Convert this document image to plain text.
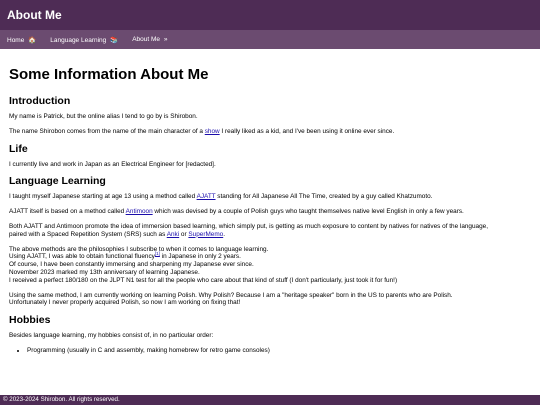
About Me
Home 🏠 Language Learning 📚 About Me »
Some Information About Me
Introduction

My name is Patrick, but the online alias I tend to go by is Shirobon.

The name Shirobon comes from the name of the main character of a show I really liked as a kid, and I've been using it online ever since.

Life

I currently live and work in Japan as an Electrical Engineer for [redacted].

Language Learning

I taught myself Japanese starting at age 13 using a method called AJATT standing for All Japanese All The Time, created by a guy called Khatzumoto.

AJATT itself is based on a method called Antimoon which was devised by a couple of Polish guys who taught themselves native level English in only a few years.

Both AJATT and Antimoon promote the idea of immersion based learning, which simply put, is getting as much exposure to content by natives for natives of the language,
paired with a Spaced Repetition System (SRS) such as Anki or SuperMemo.

The above methods are the philosophies I subscribe to when it comes to language learning.
Using AJATT, I was able to obtain functional fluency[1] in Japanese in only 2 years.
Of course, I have been constantly immersing and sharpening my Japanese ever since.
November 2023 marked my 13th anniversary of learning Japanese.
I received a perfect 180/180 on the JLPT N1 test for all the people who care about that kind of stuff (I don't particularly, just took it for fun!)

Using the same method, I am currently working on learning Polish. Why Polish? Because I am a "heritage speaker" born in the US to parents who are Polish.
Unfortunately I never properly acquired Polish, so now I am working on fixing that!

Hobbies

Besides language learning, my hobbies consist of, in no particular order:

• Programming (usually in C and assembly, making homebrew for retro game consoles)
© 2023-2024 Shirobon. All rights reserved.
